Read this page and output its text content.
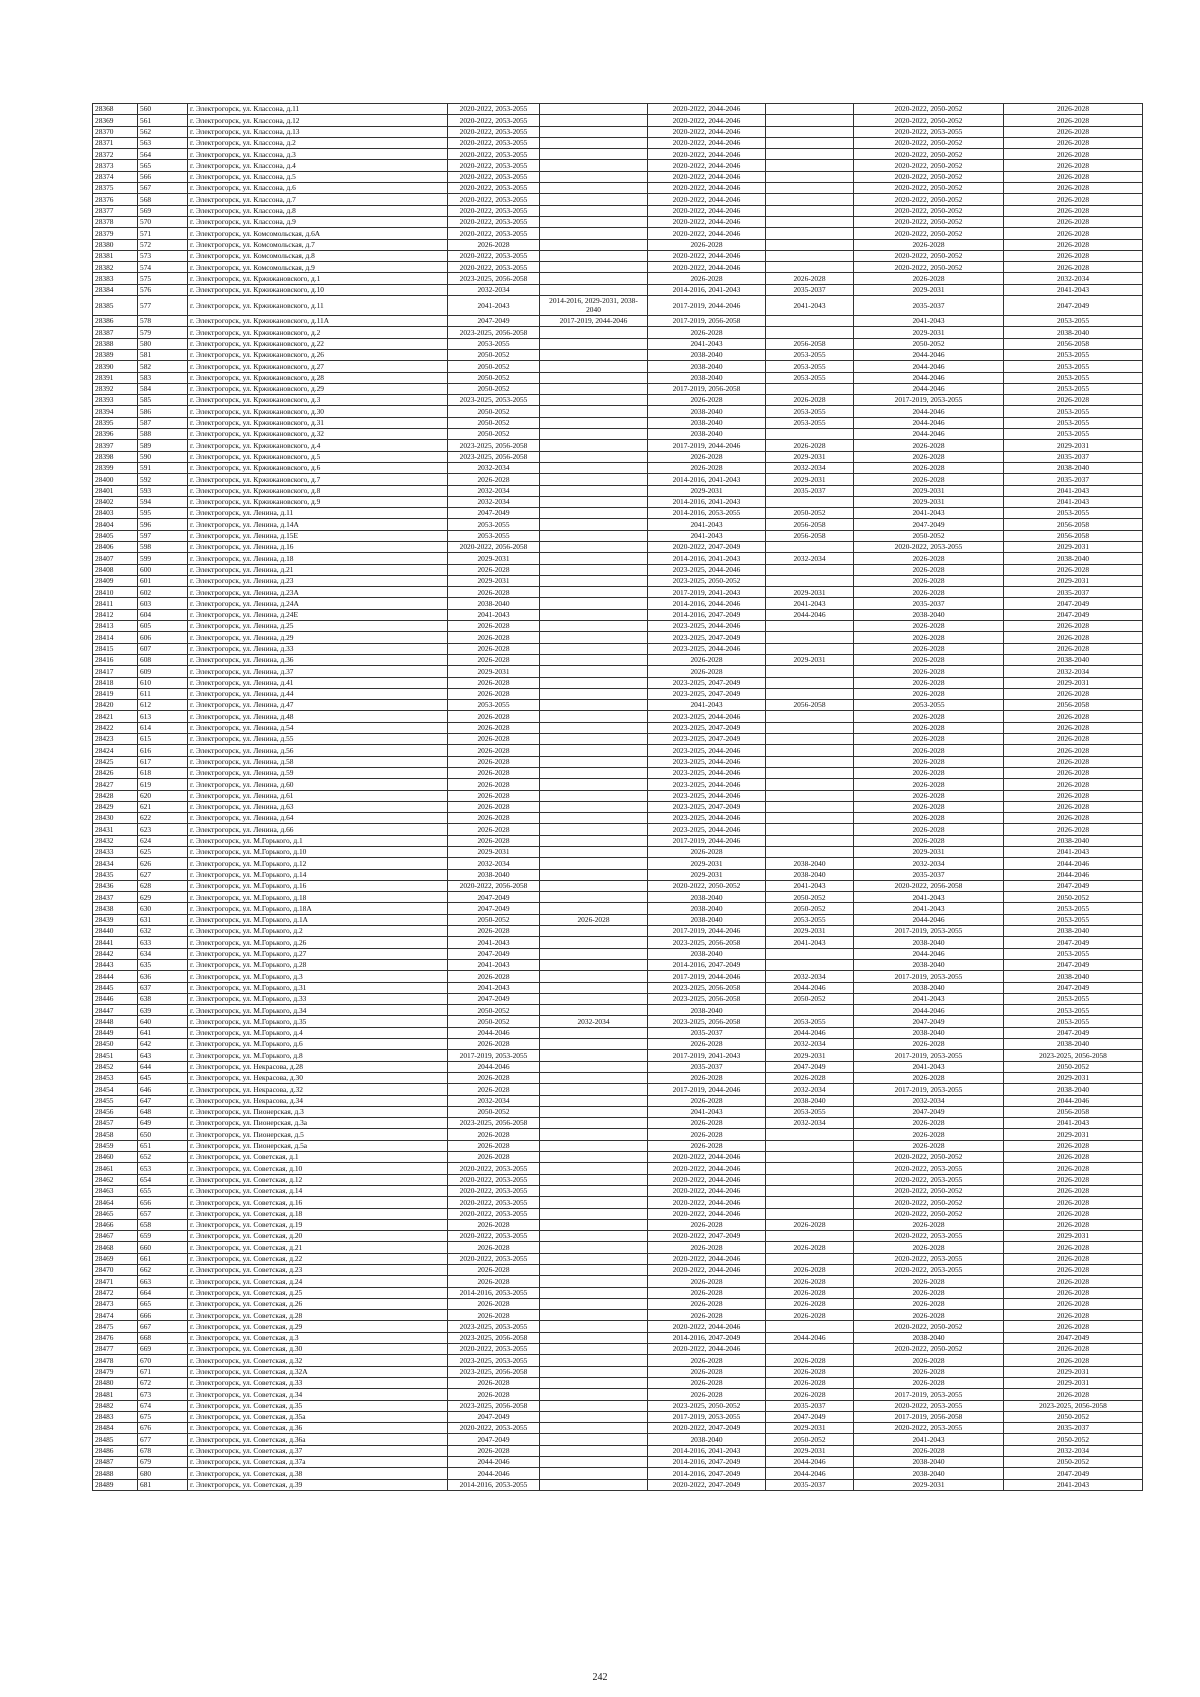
28368	560	г. Электрогорск, ул. Классона, д.11	2020-2022, 2053-2055		2020-2022, 2044-2046		2020-2022, 2050-2052	2026-2028
28369	561	г. Электрогорск, ул. Классона, д.12	2020-2022, 2053-2055		2020-2022, 2044-2046		2020-2022, 2050-2052	2026-2028
28370	562	г. Электрогорск, ул. Классона, д.13	2020-2022, 2053-2055		2020-2022, 2044-2046		2020-2022, 2053-2055	2026-2028
28371	563	г. Электрогорск, ул. Классона, д.2	2020-2022, 2053-2055		2020-2022, 2044-2046		2020-2022, 2050-2052	2026-2028
28372	564	г. Электрогорск, ул. Классона, д.3	2020-2022, 2053-2055		2020-2022, 2044-2046		2020-2022, 2050-2052	2026-2028
28373	565	г. Электрогорск, ул. Классона, д.4	2020-2022, 2053-2055		2020-2022, 2044-2046		2020-2022, 2050-2052	2026-2028
28374	566	г. Электрогорск, ул. Классона, д.5	2020-2022, 2053-2055		2020-2022, 2044-2046		2020-2022, 2050-2052	2026-2028
28375	567	г. Электрогорск, ул. Классона, д.6	2020-2022, 2053-2055		2020-2022, 2044-2046		2020-2022, 2050-2052	2026-2028
28376	568	г. Электрогорск, ул. Классона, д.7	2020-2022, 2053-2055		2020-2022, 2044-2046		2020-2022, 2050-2052	2026-2028
28377	569	г. Электрогорск, ул. Классона, д.8	2020-2022, 2053-2055		2020-2022, 2044-2046		2020-2022, 2050-2052	2026-2028
28378	570	г. Электрогорск, ул. Классона, д.9	2020-2022, 2053-2055		2020-2022, 2044-2046		2020-2022, 2050-2052	2026-2028
28379	571	г. Электрогорск, ул. Комсомольская, д.6А	2020-2022, 2053-2055		2020-2022, 2044-2046		2020-2022, 2050-2052	2026-2028
28380	572	г. Электрогорск, ул. Комсомольская, д.7	2026-2028		2026-2028		2026-2028	2026-2028
28381	573	г. Электрогорск, ул. Комсомольская, д.8	2020-2022, 2053-2055		2020-2022, 2044-2046		2020-2022, 2050-2052	2026-2028
28382	574	г. Электрогорск, ул. Комсомольская, д.9	2020-2022, 2053-2055		2020-2022, 2044-2046		2020-2022, 2050-2052	2026-2028
28383	575	г. Электрогорск, ул. Кржижановского, д.1	2023-2025, 2056-2058		2026-2028	2026-2028	2026-2028	2032-2034
28384	576	г. Электрогорск, ул. Кржижановского, д.10	2032-2034		2014-2016, 2041-2043	2035-2037	2029-2031	2041-2043
28385	577	г. Электрогорск, ул. Кржижановского, д.11	2041-2043	2014-2016, 2029-2031, 2038-2040	2017-2019, 2044-2046	2041-2043	2035-2037	2047-2049
28386	578	г. Электрогорск, ул. Кржижановского, д.11А	2047-2049	2017-2019, 2044-2046	2017-2019, 2056-2058		2041-2043	2053-2055
28387	579	г. Электрогорск, ул. Кржижановского, д.2	2023-2025, 2056-2058		2026-2028		2029-2031	2038-2040
28388	580	г. Электрогорск, ул. Кржижановского, д.22	2053-2055		2041-2043	2056-2058	2050-2052	2056-2058
28389	581	г. Электрогорск, ул. Кржижановского, д.26	2050-2052		2038-2040	2053-2055	2044-2046	2053-2055
28390	582	г. Электрогорск, ул. Кржижановского, д.27	2050-2052		2038-2040	2053-2055	2044-2046	2053-2055
28391	583	г. Электрогорск, ул. Кржижановского, д.28	2050-2052		2038-2040	2053-2055	2044-2046	2053-2055
28392	584	г. Электрогорск, ул. Кржижановского, д.29	2050-2052		2017-2019, 2056-2058		2044-2046	2053-2055
28393	585	г. Электрогорск, ул. Кржижановского, д.3	2023-2025, 2053-2055		2026-2028	2026-2028	2017-2019, 2053-2055	2026-2028
28394	586	г. Электрогорск, ул. Кржижановского, д.30	2050-2052		2038-2040	2053-2055	2044-2046	2053-2055
28395	587	г. Электрогорск, ул. Кржижановского, д.31	2050-2052		2038-2040	2053-2055	2044-2046	2053-2055
28396	588	г. Электрогорск, ул. Кржижановского, д.32	2050-2052		2038-2040		2044-2046	2053-2055
28397	589	г. Электрогорск, ул. Кржижановского, д.4	2023-2025, 2056-2058		2017-2019, 2044-2046	2026-2028	2026-2028	2029-2031
28398	590	г. Электрогорск, ул. Кржижановского, д.5	2023-2025, 2056-2058		2026-2028	2029-2031	2026-2028	2035-2037
28399	591	г. Электрогорск, ул. Кржижановского, д.6	2032-2034		2026-2028	2032-2034	2026-2028	2038-2040
28400	592	г. Электрогорск, ул. Кржижановского, д.7	2026-2028		2014-2016, 2041-2043	2029-2031	2026-2028	2035-2037
28401	593	г. Электрогорск, ул. Кржижановского, д.8	2032-2034		2029-2031	2035-2037	2029-2031	2041-2043
28402	594	г. Электрогорск, ул. Кржижановского, д.9	2032-2034		2014-2016, 2041-2043		2029-2031	2041-2043
28403	595	г. Электрогорск, ул. Ленина, д.11	2047-2049		2014-2016, 2053-2055	2050-2052	2041-2043	2053-2055
28404	596	г. Электрогорск, ул. Ленина, д.14А	2053-2055		2041-2043	2056-2058	2047-2049	2056-2058
28405	597	г. Электрогорск, ул. Ленина, д.15Е	2053-2055		2041-2043	2056-2058	2050-2052	2056-2058
28406	598	г. Электрогорск, ул. Ленина, д.16	2020-2022, 2056-2058		2020-2022, 2047-2049		2020-2022, 2053-2055	2029-2031
28407	599	г. Электрогорск, ул. Ленина, д.18	2029-2031		2014-2016, 2041-2043	2032-2034	2026-2028	2038-2040
28408	600	г. Электрогорск, ул. Ленина, д.21	2026-2028		2023-2025, 2044-2046		2026-2028	2026-2028
28409	601	г. Электрогорск, ул. Ленина, д.23	2029-2031		2023-2025, 2050-2052		2026-2028	2029-2031
28410	602	г. Электрогорск, ул. Ленина, д.23А	2026-2028		2017-2019, 2041-2043	2029-2031	2026-2028	2035-2037
28411	603	г. Электрогорск, ул. Ленина, д.24А	2038-2040		2014-2016, 2044-2046	2041-2043	2035-2037	2047-2049
28412	604	г. Электрогорск, ул. Ленина, д.24Е	2041-2043		2014-2016, 2047-2049	2044-2046	2038-2040	2047-2049
28413	605	г. Электрогорск, ул. Ленина, д.25	2026-2028		2023-2025, 2044-2046		2026-2028	2026-2028
28414	606	г. Электрогорск, ул. Ленина, д.29	2026-2028		2023-2025, 2047-2049		2026-2028	2026-2028
28415	607	г. Электрогорск, ул. Ленина, д.33	2026-2028		2023-2025, 2044-2046		2026-2028	2026-2028
28416	608	г. Электрогорск, ул. Ленина, д.36	2026-2028		2026-2028	2029-2031	2026-2028	2038-2040
28417	609	г. Электрогорск, ул. Ленина, д.37	2029-2031		2026-2028		2026-2028	2032-2034
28418	610	г. Электрогорск, ул. Ленина, д.41	2026-2028		2023-2025, 2047-2049		2026-2028	2029-2031
28419	611	г. Электрогорск, ул. Ленина, д.44	2026-2028		2023-2025, 2047-2049		2026-2028	2026-2028
28420	612	г. Электрогорск, ул. Ленина, д.47	2053-2055		2041-2043	2056-2058	2053-2055	2056-2058
28421	613	г. Электрогорск, ул. Ленина, д.48	2026-2028		2023-2025, 2044-2046		2026-2028	2026-2028
28422	614	г. Электрогорск, ул. Ленина, д.54	2026-2028		2023-2025, 2047-2049		2026-2028	2026-2028
28423	615	г. Электрогорск, ул. Ленина, д.55	2026-2028		2023-2025, 2047-2049		2026-2028	2026-2028
28424	616	г. Электрогорск, ул. Ленина, д.56	2026-2028		2023-2025, 2044-2046		2026-2028	2026-2028
28425	617	г. Электрогорск, ул. Ленина, д.58	2026-2028		2023-2025, 2044-2046		2026-2028	2026-2028
28426	618	г. Электрогорск, ул. Ленина, д.59	2026-2028		2023-2025, 2044-2046		2026-2028	2026-2028
28427	619	г. Электрогорск, ул. Ленина, д.60	2026-2028		2023-2025, 2044-2046		2026-2028	2026-2028
28428	620	г. Электрогорск, ул. Ленина, д.61	2026-2028		2023-2025, 2044-2046		2026-2028	2026-2028
28429	621	г. Электрогорск, ул. Ленина, д.63	2026-2028		2023-2025, 2047-2049		2026-2028	2026-2028
28430	622	г. Электрогорск, ул. Ленина, д.64	2026-2028		2023-2025, 2044-2046		2026-2028	2026-2028
28431	623	г. Электрогорск, ул. Ленина, д.66	2026-2028		2023-2025, 2044-2046		2026-2028	2026-2028
28432	624	г. Электрогорск, ул. М.Горького, д.1	2026-2028		2017-2019, 2044-2046		2026-2028	2038-2040
28433	625	г. Электрогорск, ул. М.Горького, д.10	2029-2031		2026-2028		2029-2031	2041-2043
28434	626	г. Электрогорск, ул. М.Горького, д.12	2032-2034		2029-2031	2038-2040	2032-2034	2044-2046
28435	627	г. Электрогорск, ул. М.Горького, д.14	2038-2040		2029-2031	2038-2040	2035-2037	2044-2046
28436	628	г. Электрогорск, ул. М.Горького, д.16	2020-2022, 2056-2058		2020-2022, 2050-2052	2041-2043	2020-2022, 2056-2058	2047-2049
28437	629	г. Электрогорск, ул. М.Горького, д.18	2047-2049		2038-2040	2050-2052	2041-2043	2050-2052
28438	630	г. Электрогорск, ул. М.Горького, д.18А	2047-2049		2038-2040	2050-2052	2041-2043	2053-2055
28439	631	г. Электрогорск, ул. М.Горького, д.1А	2050-2052	2026-2028	2038-2040	2053-2055	2044-2046	2053-2055
28440	632	г. Электрогорск, ул. М.Горького, д.2	2026-2028		2017-2019, 2044-2046	2029-2031	2017-2019, 2053-2055	2038-2040
28441	633	г. Электрогорск, ул. М.Горького, д.26	2041-2043		2023-2025, 2056-2058	2041-2043	2038-2040	2047-2049
28442	634	г. Электрогорск, ул. М.Горького, д.27	2047-2049		2038-2040		2044-2046	2053-2055
28443	635	г. Электрогорск, ул. М.Горького, д.28	2041-2043		2014-2016, 2047-2049		2038-2040	2047-2049
28444	636	г. Электрогорск, ул. М.Горького, д.3	2026-2028		2017-2019, 2044-2046	2032-2034	2017-2019, 2053-2055	2038-2040
28445	637	г. Электрогорск, ул. М.Горького, д.31	2041-2043		2023-2025, 2056-2058	2044-2046	2038-2040	2047-2049
28446	638	г. Электрогорск, ул. М.Горького, д.33	2047-2049		2023-2025, 2056-2058	2050-2052	2041-2043	2053-2055
28447	639	г. Электрогорск, ул. М.Горького, д.34	2050-2052		2038-2040		2044-2046	2053-2055
28448	640	г. Электрогорск, ул. М.Горького, д.35	2050-2052	2032-2034	2023-2025, 2056-2058	2053-2055	2047-2049	2053-2055
28449	641	г. Электрогорск, ул. М.Горького, д.4	2044-2046		2035-2037	2044-2046	2038-2040	2047-2049
28450	642	г. Электрогорск, ул. М.Горького, д.6	2026-2028		2026-2028	2032-2034	2026-2028	2038-2040
28451	643	г. Электрогорск, ул. М.Горького, д.8	2017-2019, 2053-2055		2017-2019, 2041-2043	2029-2031	2017-2019, 2053-2055	2023-2025, 2056-2058
28452	644	г. Электрогорск, ул. Некрасова, д.28	2044-2046		2035-2037	2047-2049	2041-2043	2050-2052
28453	645	г. Электрогорск, ул. Некрасова, д.30	2026-2028		2026-2028	2026-2028	2026-2028	2029-2031
28454	646	г. Электрогорск, ул. Некрасова, д.32	2026-2028		2017-2019, 2044-2046	2032-2034	2017-2019, 2053-2055	2038-2040
28455	647	г. Электрогорск, ул. Некрасова, д.34	2032-2034		2026-2028	2038-2040	2032-2034	2044-2046
28456	648	г. Электрогорск, ул. Пионерская, д.3	2050-2052		2041-2043	2053-2055	2047-2049	2056-2058
28457	649	г. Электрогорск, ул. Пионерская, д.3а	2023-2025, 2056-2058		2026-2028	2032-2034	2026-2028	2041-2043
28458	650	г. Электрогорск, ул. Пионерская, д.5	2026-2028		2026-2028		2026-2028	2029-2031
28459	651	г. Электрогорск, ул. Пионерская, д.5а	2026-2028		2026-2028		2026-2028	2026-2028
28460	652	г. Электрогорск, ул. Советская, д.1	2026-2028		2020-2022, 2044-2046		2020-2022, 2050-2052	2026-2028
28461	653	г. Электрогорск, ул. Советская, д.10	2020-2022, 2053-2055		2020-2022, 2044-2046		2020-2022, 2053-2055	2026-2028
28462	654	г. Электрогорск, ул. Советская, д.12	2020-2022, 2053-2055		2020-2022, 2044-2046		2020-2022, 2053-2055	2026-2028
28463	655	г. Электрогорск, ул. Советская, д.14	2020-2022, 2053-2055		2020-2022, 2044-2046		2020-2022, 2050-2052	2026-2028
28464	656	г. Электрогорск, ул. Советская, д.16	2020-2022, 2053-2055		2020-2022, 2044-2046		2020-2022, 2050-2052	2026-2028
28465	657	г. Электрогорск, ул. Советская, д.18	2020-2022, 2053-2055		2020-2022, 2044-2046		2020-2022, 2050-2052	2026-2028
28466	658	г. Электрогорск, ул. Советская, д.19	2026-2028		2026-2028	2026-2028	2026-2028	2026-2028
28467	659	г. Электрогорск, ул. Советская, д.20	2020-2022, 2053-2055		2020-2022, 2047-2049		2020-2022, 2053-2055	2029-2031
28468	660	г. Электрогорск, ул. Советская, д.21	2026-2028		2026-2028	2026-2028	2026-2028	2026-2028
28469	661	г. Электрогорск, ул. Советская, д.22	2020-2022, 2053-2055		2020-2022, 2044-2046		2020-2022, 2053-2055	2026-2028
28470	662	г. Электрогорск, ул. Советская, д.23	2026-2028		2020-2022, 2044-2046	2026-2028	2020-2022, 2053-2055	2026-2028
28471	663	г. Электрогорск, ул. Советская, д.24	2026-2028		2026-2028	2026-2028	2026-2028	2026-2028
28472	664	г. Электрогорск, ул. Советская, д.25	2014-2016, 2053-2055		2026-2028	2026-2028	2026-2028	2026-2028
28473	665	г. Электрогорск, ул. Советская, д.26	2026-2028		2026-2028	2026-2028	2026-2028	2026-2028
28474	666	г. Электрогорск, ул. Советская, д.28	2026-2028		2026-2028	2026-2028	2026-2028	2026-2028
28475	667	г. Электрогорск, ул. Советская, д.29	2023-2025, 2053-2055		2020-2022, 2044-2046		2020-2022, 2050-2052	2026-2028
28476	668	г. Электрогорск, ул. Советская, д.3	2023-2025, 2056-2058		2014-2016, 2047-2049	2044-2046	2038-2040	2047-2049
28477	669	г. Электрогорск, ул. Советская, д.30	2020-2022, 2053-2055		2020-2022, 2044-2046		2020-2022, 2050-2052	2026-2028
28478	670	г. Электрогорск, ул. Советская, д.32	2023-2025, 2053-2055		2026-2028	2026-2028	2026-2028	2026-2028
28479	671	г. Электрогорск, ул. Советская, д.32А	2023-2025, 2056-2058		2026-2028	2026-2028	2026-2028	2029-2031
28480	672	г. Электрогорск, ул. Советская, д.33	2026-2028		2026-2028	2026-2028	2026-2028	2029-2031
28481	673	г. Электрогорск, ул. Советская, д.34	2026-2028		2026-2028	2026-2028	2017-2019, 2053-2055	2026-2028
28482	674	г. Электрогорск, ул. Советская, д.35	2023-2025, 2056-2058		2023-2025, 2050-2052	2035-2037	2020-2022, 2053-2055	2023-2025, 2056-2058
28483	675	г. Электрогорск, ул. Советская, д.35а	2047-2049		2017-2019, 2053-2055	2047-2049	2017-2019, 2056-2058	2050-2052
28484	676	г. Электрогорск, ул. Советская, д.36	2020-2022, 2053-2055		2020-2022, 2047-2049	2029-2031	2020-2022, 2053-2055	2035-2037
28485	677	г. Электрогорск, ул. Советская, д.36а	2047-2049		2038-2040	2050-2052	2041-2043	2050-2052
28486	678	г. Электрогорск, ул. Советская, д.37	2026-2028		2014-2016, 2041-2043	2029-2031	2026-2028	2032-2034
28487	679	г. Электрогорск, ул. Советская, д.37а	2044-2046		2014-2016, 2047-2049	2044-2046	2038-2040	2050-2052
28488	680	г. Электрогорск, ул. Советская, д.38	2044-2046		2014-2016, 2047-2049	2044-2046	2038-2040	2047-2049
28489	681	г. Электрогорск, ул. Советская, д.39	2014-2016, 2053-2055		2020-2022, 2047-2049	2035-2037	2029-2031	2041-2043
242
